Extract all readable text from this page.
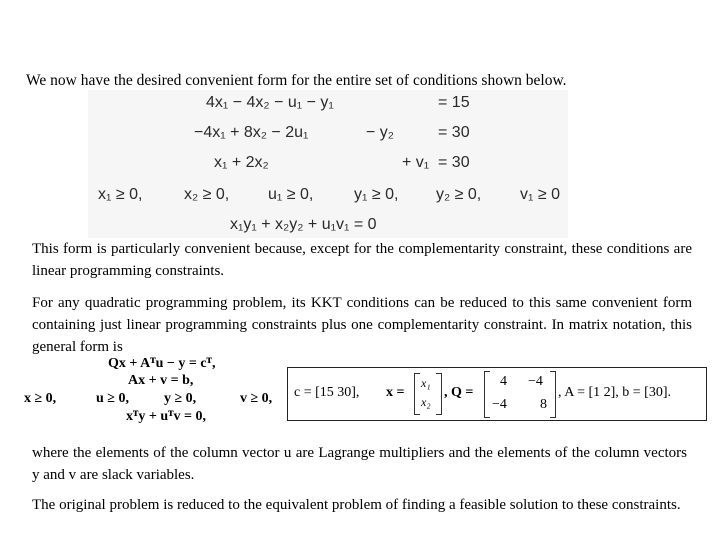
We now have the desired convenient form for the entire set of conditions shown below.
4x₁ − 4x₂ − u₁ − y₁	= 15
−4x₁ + 8x₂ − 2u₁	− y₂	= 30
x₁ + 2x₂	+ v₁ = 30
x₁ ≥ 0,	x₂ ≥ 0, u₁ ≥ 0,	y₁ ≥ 0, y₂ ≥ 0, v₁ ≥ 0
x₁y₁ + x₂y₂ + u₁v₁ = 0
This form is particularly convenient because, except for the complementarity constraint, these conditions are linear programming constraints.
For any quadratic programming problem, its KKT conditions can be reduced to this same convenient form containing just linear programming constraints plus one complementarity constraint. In matrix notation, this general form is
Qx + Aᵀu − y = cᵀ,
Ax + v = b,
x ≥ 0,	u ≥ 0,	y ≥ 0,	v ≥ 0,
xᵀy + uᵀv = 0,
c = [15 30], x =
x₁
x₂
, Q =
4 −4
−4 8
, A = [1 2], b = [30].
where the elements of the column vector u are Lagrange multipliers and the elements of the column vectors y and v are slack variables.
The original problem is reduced to the equivalent problem of finding a feasible solution to these constraints.
